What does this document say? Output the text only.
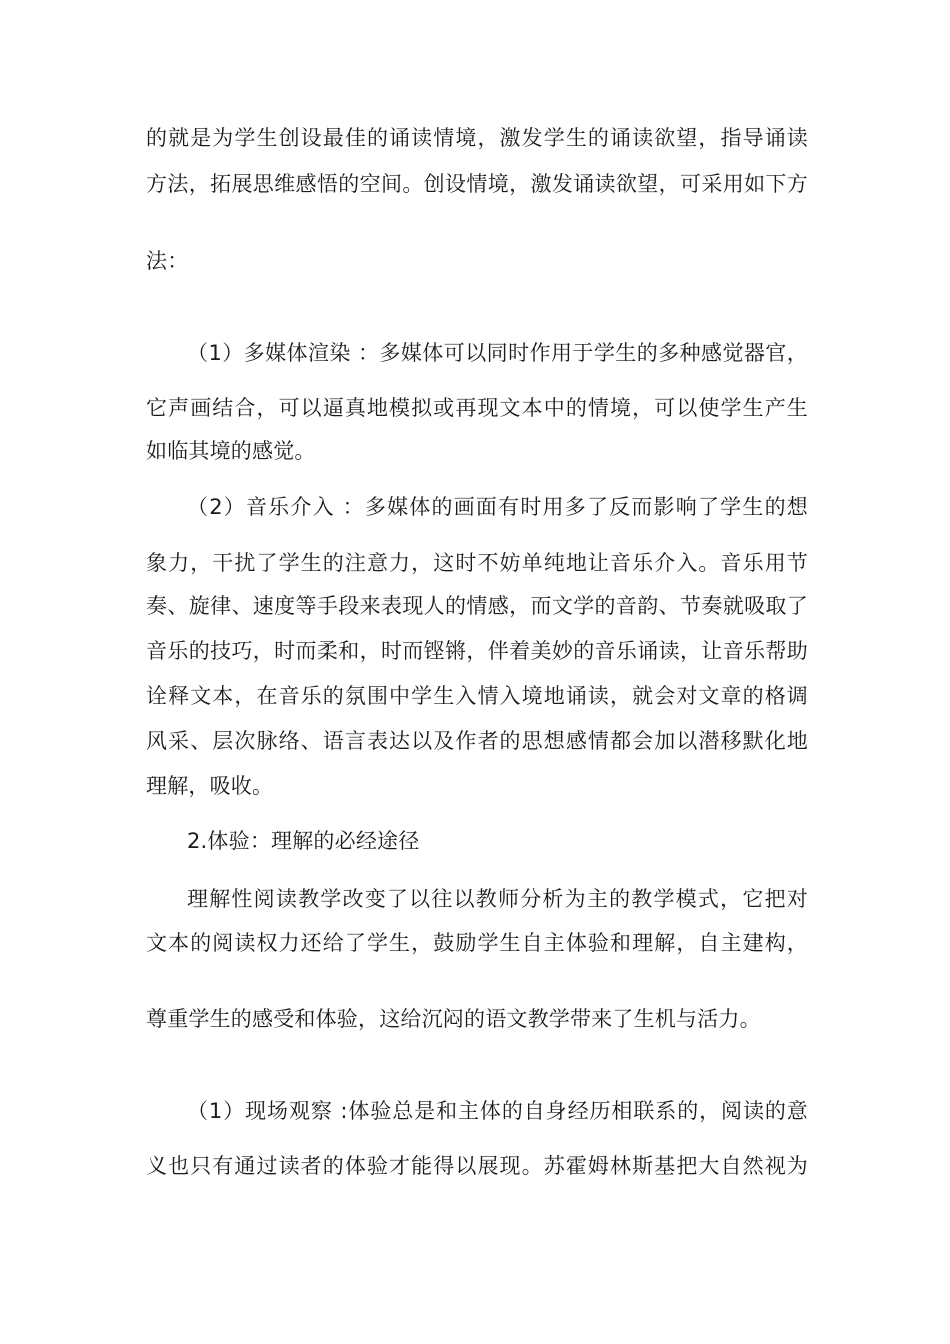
的就是为学生创设最佳的诵读情境，激发学生的诵读欲望，指导诵读
方法，拓展思维感悟的空间。创设情境，激发诵读欲望，可采用如下方
法：
（1）多媒体渲染 ：多媒体可以同时作用于学生的多种感觉器官，
它声画结合，可以逼真地模拟或再现文本中的情境，可以使学生产生
如临其境的感觉。
（2）音乐介入 ：多媒体的画面有时用多了反而影响了学生的想
象力，干扰了学生的注意力，这时不妨单纯地让音乐介入。音乐用节
奏、旋律、速度等手段来表现人的情感，而文学的音韵、节奏就吸取了
音乐的技巧，时而柔和，时而铿锵，伴着美妙的音乐诵读，让音乐帮助
诠释文本，在音乐的氛围中学生入情入境地诵读，就会对文章的格调
风采、层次脉络、语言表达以及作者的思想感情都会加以潜移默化地
理解，吸收。
2.体验：理解的必经途径
理解性阅读教学改变了以往以教师分析为主的教学模式，它把对
文本的阅读权力还给了学生，鼓励学生自主体验和理解，自主建构，
尊重学生的感受和体验，这给沉闷的语文教学带来了生机与活力。
（1）现场观察 :体验总是和主体的自身经历相联系的，阅读的意
义也只有通过读者的体验才能得以展现。苏霍姆林斯基把大自然视为
